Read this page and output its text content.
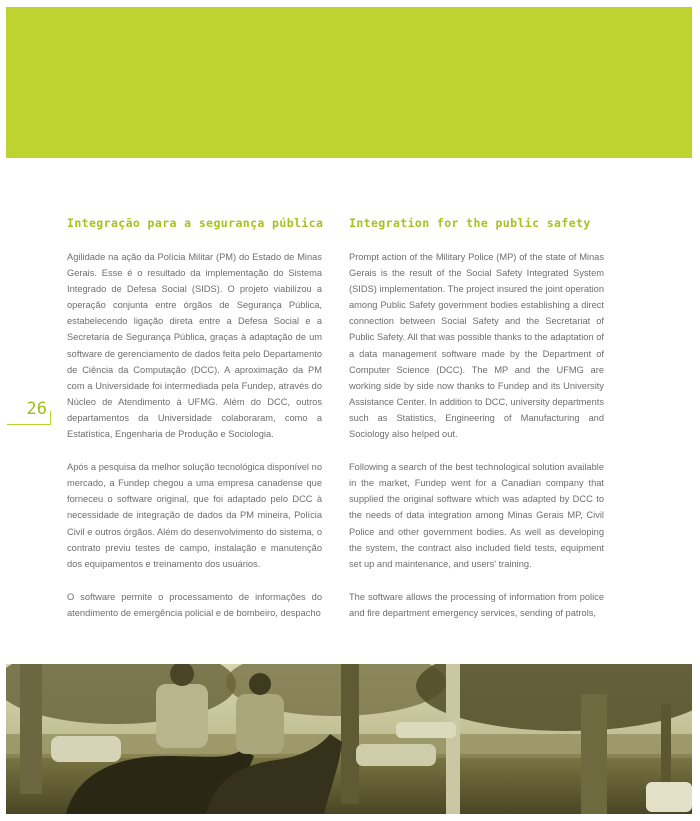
26
Integração para a segurança pública

Agilidade na ação da Polícia Militar (PM) do Estado de Minas Gerais. Esse é o resultado da implementação do Sistema Integrado de Defesa Social (SIDS). O projeto viabilizou a operação conjunta entre órgãos de Segurança Pública, estabelecendo ligação direta entre a Defesa Social e a Secretaria de Segurança Pública, graças à adaptação de um software de gerenciamento de dados feita pelo Departamento de Ciência da Computação (DCC). A aproximação da PM com a Universidade foi intermediada pela Fundep, através do Núcleo de Atendimento à UFMG. Além do DCC, outros departamentos da Universidade colaboraram, como a Estatística, Engenharia de Produção e Sociologia.

Após a pesquisa da melhor solução tecnológica disponível no mercado, a Fundep chegou a uma empresa canadense que forneceu o software original, que foi adaptado pelo DCC à necessidade de integração de dados da PM mineira, Polícia Civil e outros órgãos. Além do desenvolvimento do sistema, o contrato previu testes de campo, instalação e manutenção dos equipamentos e treinamento dos usuários.

O software permite o processamento de informações do atendimento de emergência policial e de bombeiro, despacho

Integration for the public safety

Prompt action of the Military Police (MP) of the state of Minas Gerais is the result of the Social Safety Integrated System (SIDS) implementation. The project insured the joint operation among Public Safety government bodies establishing a direct connection between Social Safety and the Secretariat of Public Safety. All that was possible thanks to the adaptation of a data management software made by the Department of Computer Science (DCC). The MP and the UFMG are working side by side now thanks to Fundep and its University Assistance Center. In addition to DCC, university departments such as Statistics, Engineering of Manufacturing and Sociology also helped out.

Following a search of the best technological solution available in the market, Fundep went for a Canadian company that supplied the original software which was adapted by DCC to the needs of data integration among Minas Gerais MP, Civil Police and other government bodies. As well as developing the system, the contract also included field tests, equipment set up and maintenance, and users' training.

The software allows the processing of information from police and fire department emergency services, sending of patrols,
